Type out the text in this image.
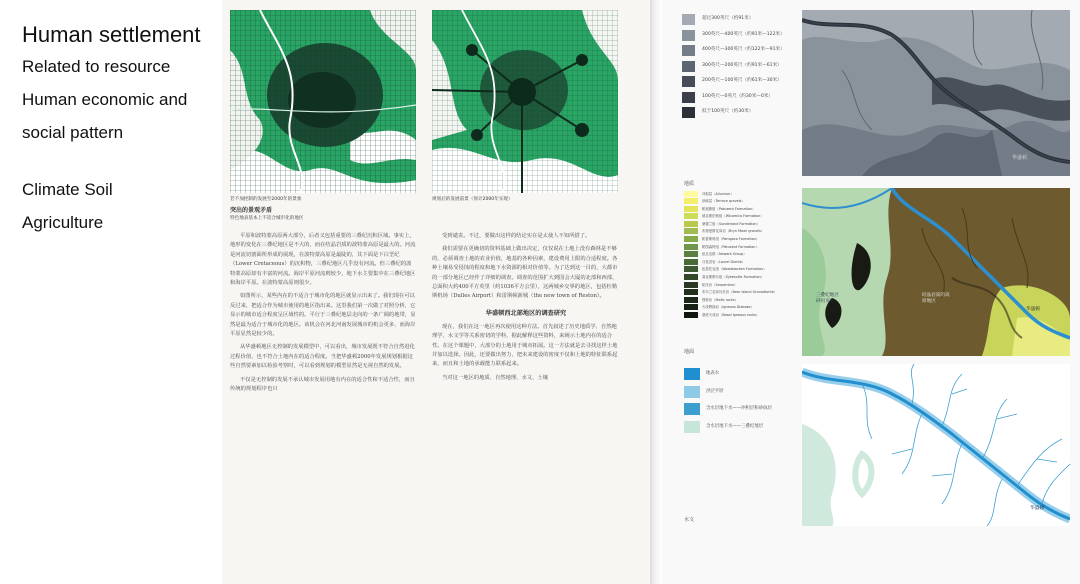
Human settlement
Related to resource
Human economic and
social pattern
Climate Soil
Agriculture
若不加控制的发展至2000年的景象
突出的景观矛盾
特色地表基本上不适合城市化的地区
规划后的发展前景（预计2000年实现）

平原和波特蒙高原两大部分，后者又包括重要的三叠纪沉积区域。事实上，地形的变化在三叠纪地区是不大的，而在结晶岩质的波特蒙高原是最大的。河流是河流切割面所形成的展现，在波特蒙高原是最陡的，其下面是下白垩纪（Lower Cretaceous）的沉积物，三叠纪地区几乎没有河流。但三叠纪的波特蒙高原却有丰富的河流。海岸平原河流则较少，地下水主要集中在三叠纪地区和海岸平原。在波特蒙高原则很少。

如图所示，某些内在的不适合于城市化的地区就显示出来了。我们现在可以反过来，把适合作为城市使用的地区指出来。这里我们第一次做了对照分析，它显示的城市适合程度呈区域性的。平行于三叠纪地层走向的一条广阔的地带，显然是最为适合于城市化的地区。该机会在河北河南发展城市的机会更多，而海岸平原显然是较少的。

从华盛顿地区无控制的发展模型中，可以看出，城市发展既不符合自然进化过程价值，也不符合土地内在的适合程度。当把华盛顿2000年发展规划根据这些自然要素加以检验考察时，可以看到规划的模型显然是无视自然的发展。

不仅是无控制的发展不承认城市发展用地有内在的适合性和不适合性，而且传统的规划程序也只

受到谴责。不过，要做出这样的结论实在是太使人不知所措了。

我们需要在更确切的资料基础上做出决定，仅仅说在土地上没有森林是不够的，必须调查土地的农业价值，地基的各种因素，建设费用上限的合适程度。各种土壤易受侵蚀的程度和地下水资源的相对价值等。为了达到这一目的，大都市的一部分地区已经作了详细的调查。调查的范围扩大到国会大厦的北部和西部，总面积大约400平方英里（约1036平方公里），这两城乡交界的地区，包括杜勒斯机场（Dulles Airport）和雷斯顿新城（the new town of Reston）。

华盛顿西北部地区的调查研究

现在，我们在这一地区再次使用这种方法。首先叙述了历史地质学、自然地理学、水文学等关系密切的学科，据此解释这些资料，来阐示土地内在的适合性。在这个课题中，大部分的土地用于城市拓展。这一方法就是去寻找这样土地并加以选择。因此，还要做出努力，把未来建设的密度不仅和土地的特征联系起来，而且和土地的承载能力联系起来。

当对这一地区的地质、自然地理、水文、土壤

超过300英尺（约91米）
300英尺—400英尺（约91米—122米）
400英尺—300英尺（约122米—91米）
300英尺—200英尺（约91米—61米）
200英尺—100英尺（约61米—30米）
100英尺—0英尺（约30米—0米）
低于100英尺（约30米）
华盛顿
地质
冲积层（Alluvium）
砂砾层（Terrace gravels）
帕迪斯组（Patuxent Formation）
威克斯伯格组（Wicomico Formation）
桑德兰组（Sunderland Formation）
布瑞曼斯花岗岩（Bryn Mawr gravels）
帕普斯科组（Pamgaco Formation）
帕图森特组（Patuxent Formation）
纽瓦克群（Newark Group）
月桂页岩（Laurel Diorite）
伍兹托克组（Woodstocken Formation）
赛克斯维尔组（Sykesville Formation）
蛇纹岩（Serpentine）
布尔兰花岗闪长岩（Bear Island Granodiorite）
镁铁岩（Mafic rocks）
火成辉绿岩（Igneous Diabase）
基底火成岩（Basal Igneous rocks）
三叠纪地区砂岩页岩
结晶岩质的高原地区
华盛顿
地面
地表水
洪泛平原
含水层地下水——冲积层和砂砾层
含水层地下水——三叠纪地层
华盛顿
水文
